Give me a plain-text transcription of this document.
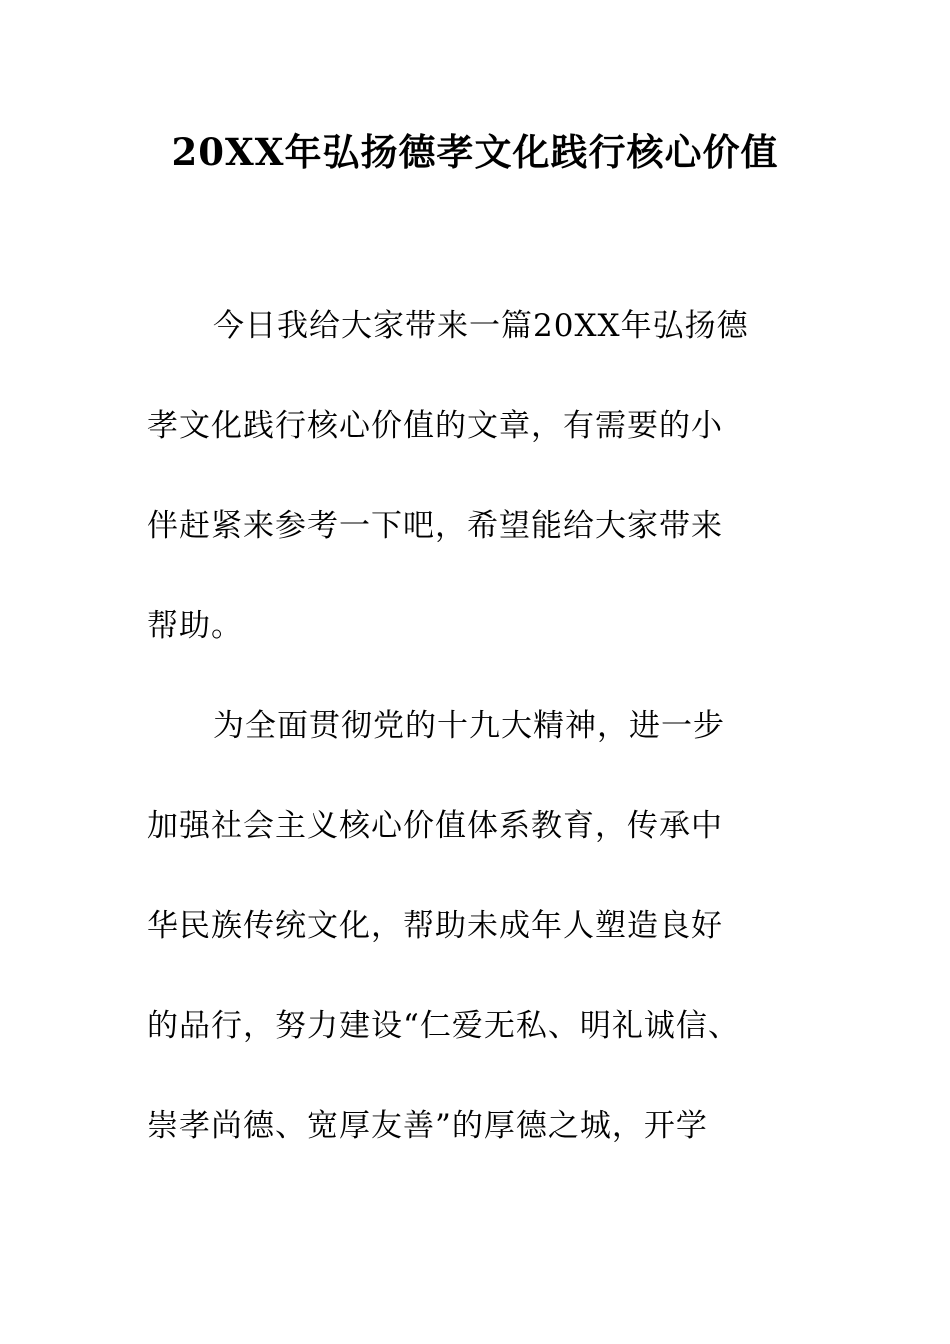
20XX年弘扬德孝文化践行核心价值
今日我给大家带来一篇20XX年弘扬德
孝文化践行核心价值的文章，有需要的小
伴赶紧来参考一下吧，希望能给大家带来
帮助。
为全面贯彻党的十九大精神，进一步
加强社会主义核心价值体系教育，传承中
华民族传统文化，帮助未成年人塑造良好
的品行，努力建设“仁爱无私、明礼诚信、
崇孝尚德、宽厚友善”的厚德之城，开学
